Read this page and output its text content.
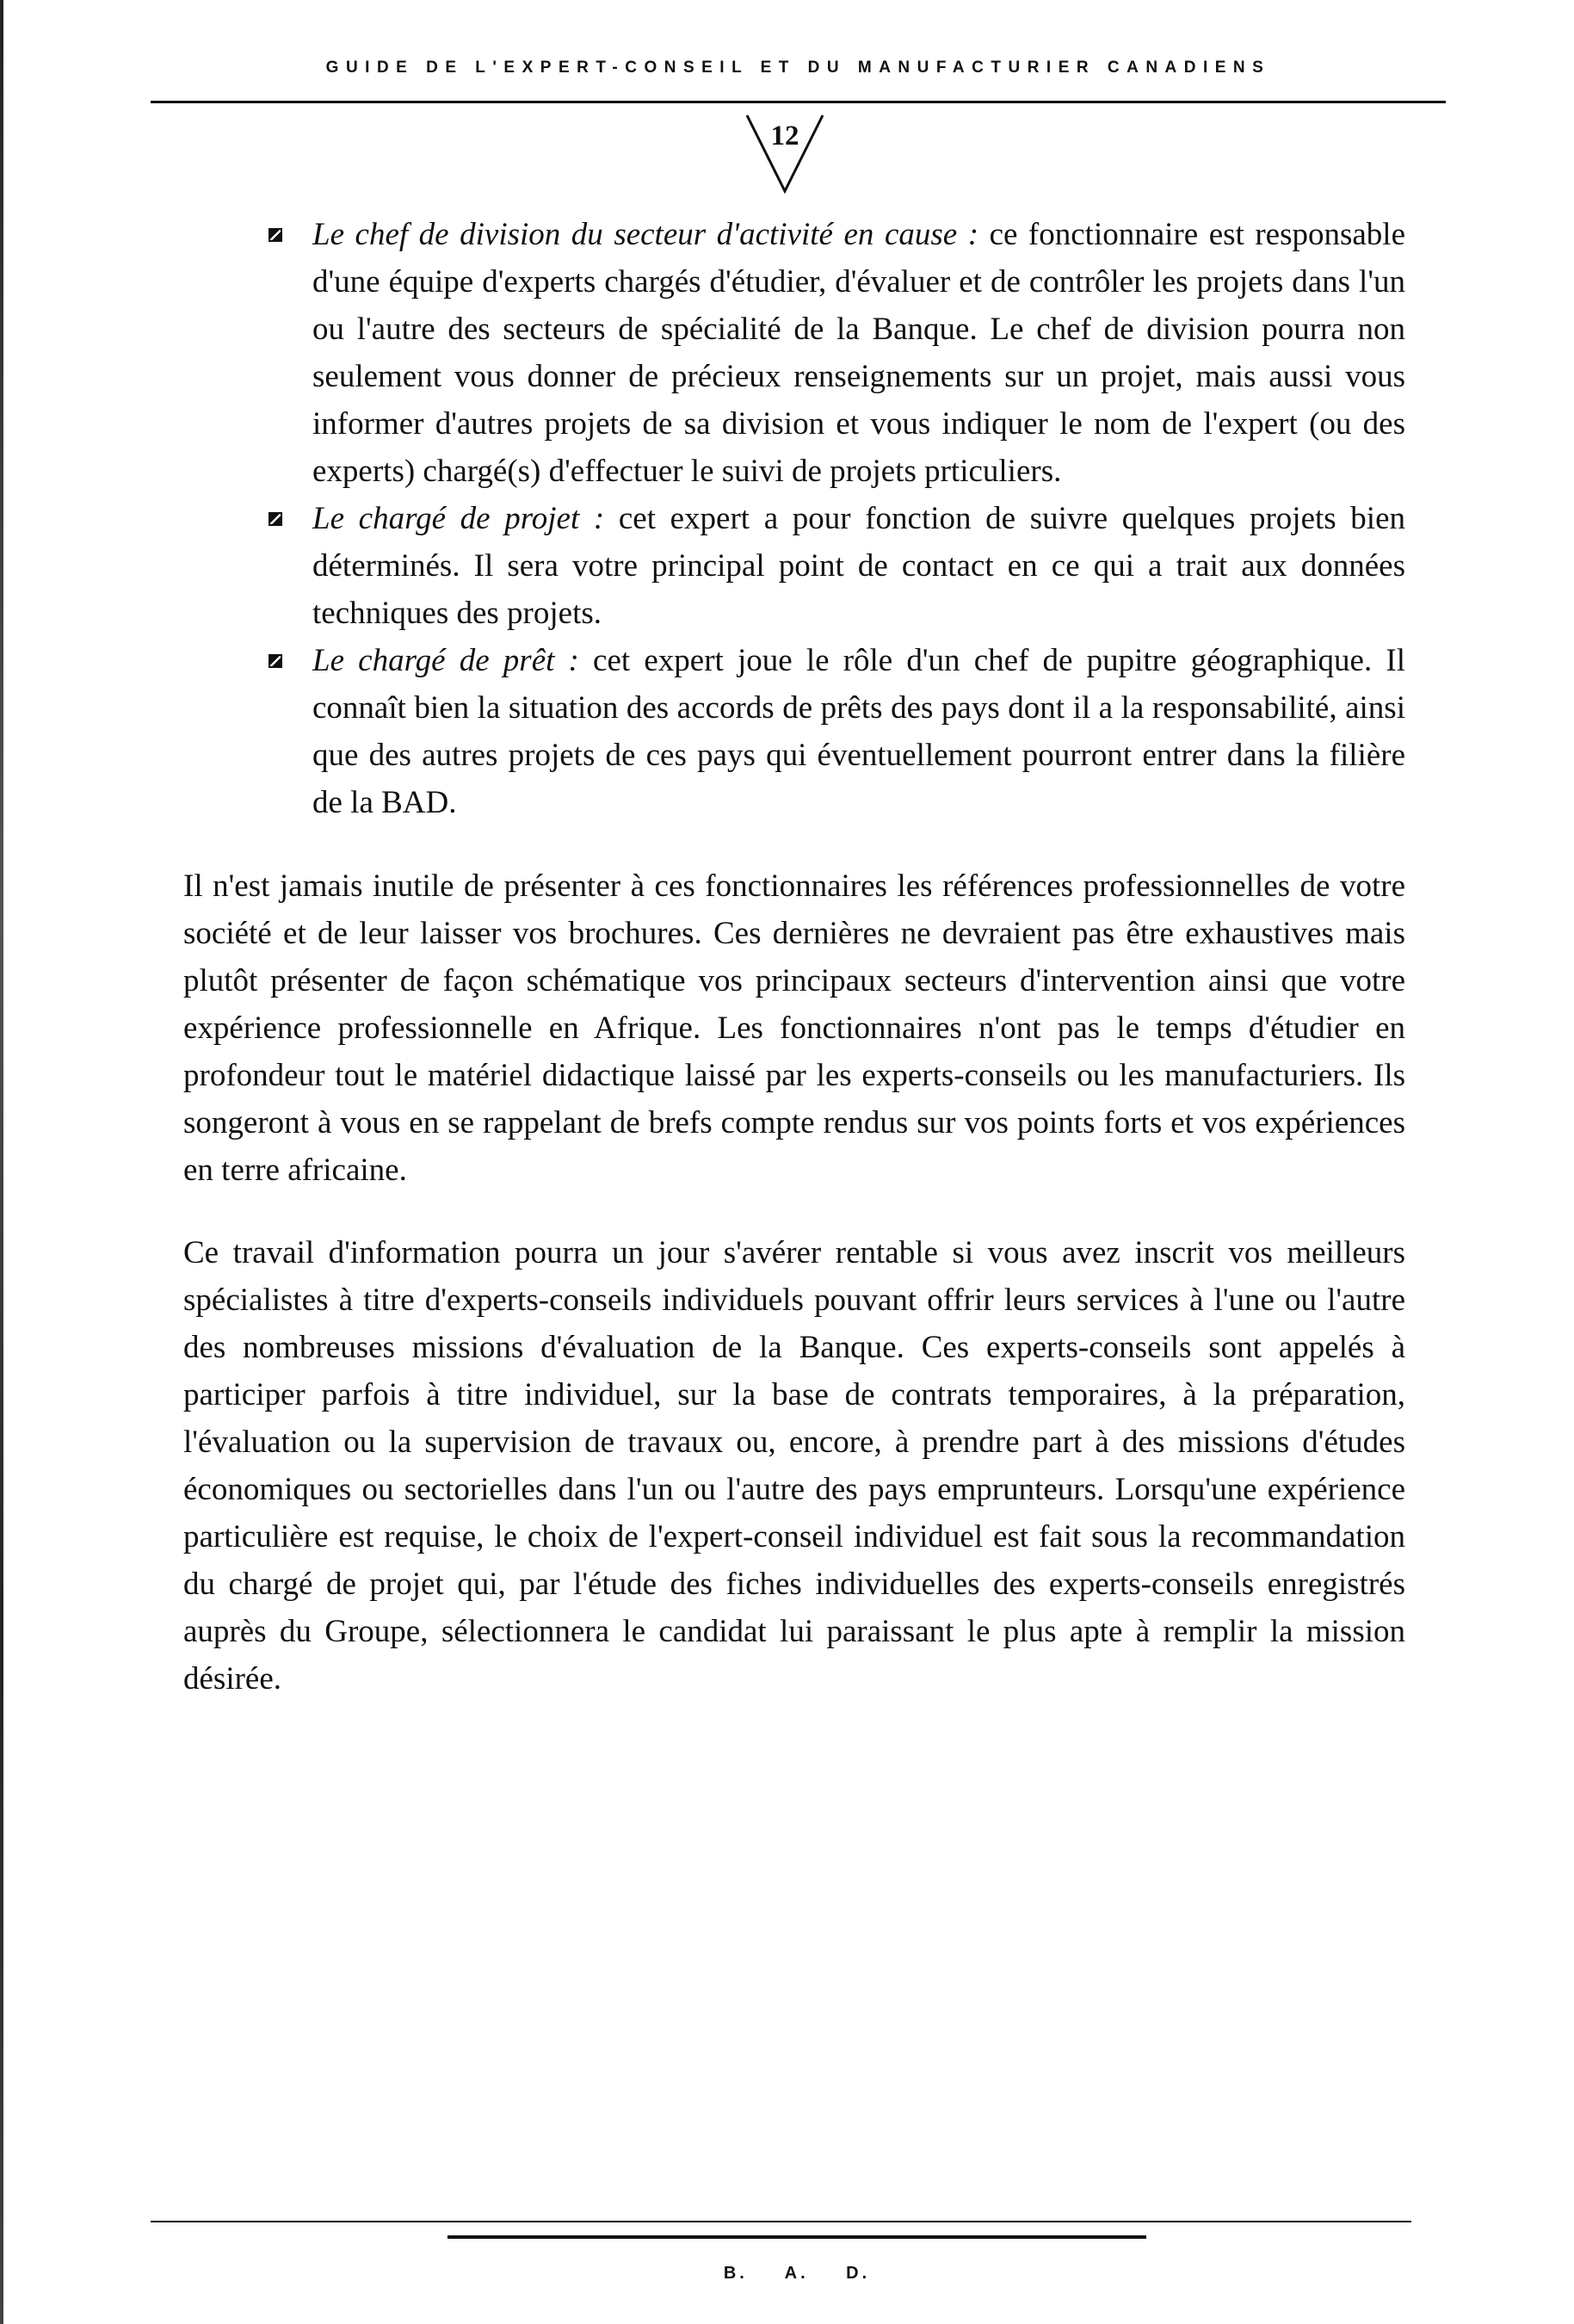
GUIDE DE L'EXPERT-CONSEIL ET DU MANUFACTURIER CANADIENS
12
Le chef de division du secteur d'activité en cause : ce fonctionnaire est responsable d'une équipe d'experts chargés d'étudier, d'évaluer et de contrôler les projets dans l'un ou l'autre des secteurs de spécialité de la Banque. Le chef de division pourra non seulement vous donner de précieux renseignements sur un projet, mais aussi vous informer d'autres projets de sa division et vous indiquer le nom de l'expert (ou des experts) chargé(s) d'effectuer le suivi de projets prticuliers.
Le chargé de projet : cet expert a pour fonction de suivre quelques projets bien déterminés. Il sera votre principal point de contact en ce qui a trait aux données techniques des projets.
Le chargé de prêt : cet expert joue le rôle d'un chef de pupitre géographique. Il connaît bien la situation des accords de prêts des pays dont il a la responsabilité, ainsi que des autres projets de ces pays qui éventuellement pourront entrer dans la filière de la BAD.

Il n'est jamais inutile de présenter à ces fonctionnaires les références professionnelles de votre société et de leur laisser vos brochures. Ces dernières ne devraient pas être exhaustives mais plutôt présenter de façon schématique vos principaux secteurs d'intervention ainsi que votre expérience professionnelle en Afrique. Les fonctionnaires n'ont pas le temps d'étudier en profondeur tout le matériel didactique laissé par les experts-conseils ou les manufacturiers. Ils songeront à vous en se rappelant de brefs compte rendus sur vos points forts et vos expériences en terre africaine.

Ce travail d'information pourra un jour s'avérer rentable si vous avez inscrit vos meilleurs spécialistes à titre d'experts-conseils individuels pouvant offrir leurs services à l'une ou l'autre des nombreuses missions d'évaluation de la Banque. Ces experts-conseils sont appelés à participer parfois à titre individuel, sur la base de contrats temporaires, à la préparation, l'évaluation ou la supervision de travaux ou, encore, à prendre part à des missions d'études économiques ou sectorielles dans l'un ou l'autre des pays emprunteurs. Lorsqu'une expérience particulière est requise, le choix de l'expert-conseil individuel est fait sous la recommandation du chargé de projet qui, par l'étude des fiches individuelles des experts-conseils enregistrés auprès du Groupe, sélectionnera le candidat lui paraissant le plus apte à remplir la mission désirée.

B. A. D.
